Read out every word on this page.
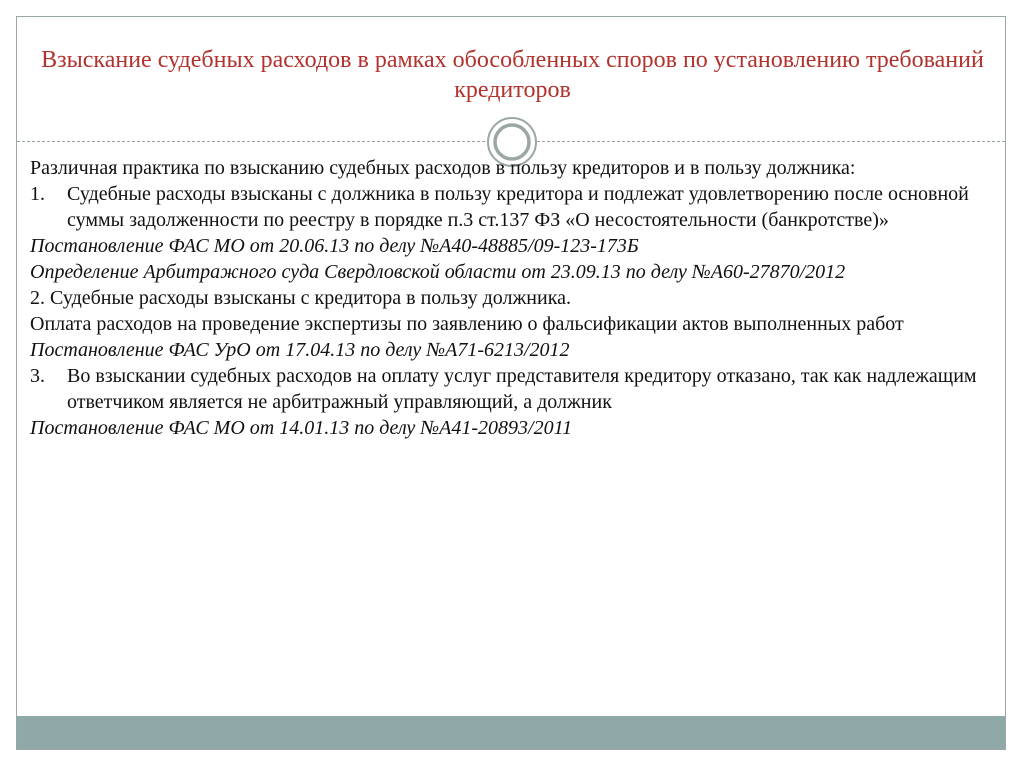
Взыскание судебных расходов в рамках обособленных споров по установлению требований кредиторов

Различная практика по взысканию судебных расходов в пользу кредиторов и в пользу должника:

1. Судебные расходы взысканы с должника в пользу кредитора и подлежат удовлетворению после основной суммы задолженности по реестру в порядке п.3 ст.137 ФЗ «О несостоятельности (банкротстве)»

Постановление ФАС МО от 20.06.13 по делу №А40-48885/09-123-173Б

Определение Арбитражного суда Свердловской области от 23.09.13 по делу №А60-27870/2012

2. Судебные расходы взысканы с кредитора в пользу должника.

Оплата расходов на проведение экспертизы по заявлению о фальсификации актов выполненных работ

Постановление ФАС УрО от 17.04.13 по делу №А71-6213/2012

3. Во взыскании судебных расходов на оплату услуг представителя кредитору отказано, так как надлежащим ответчиком является не арбитражный управляющий, а должник

Постановление ФАС МО от 14.01.13 по делу №А41-20893/2011
